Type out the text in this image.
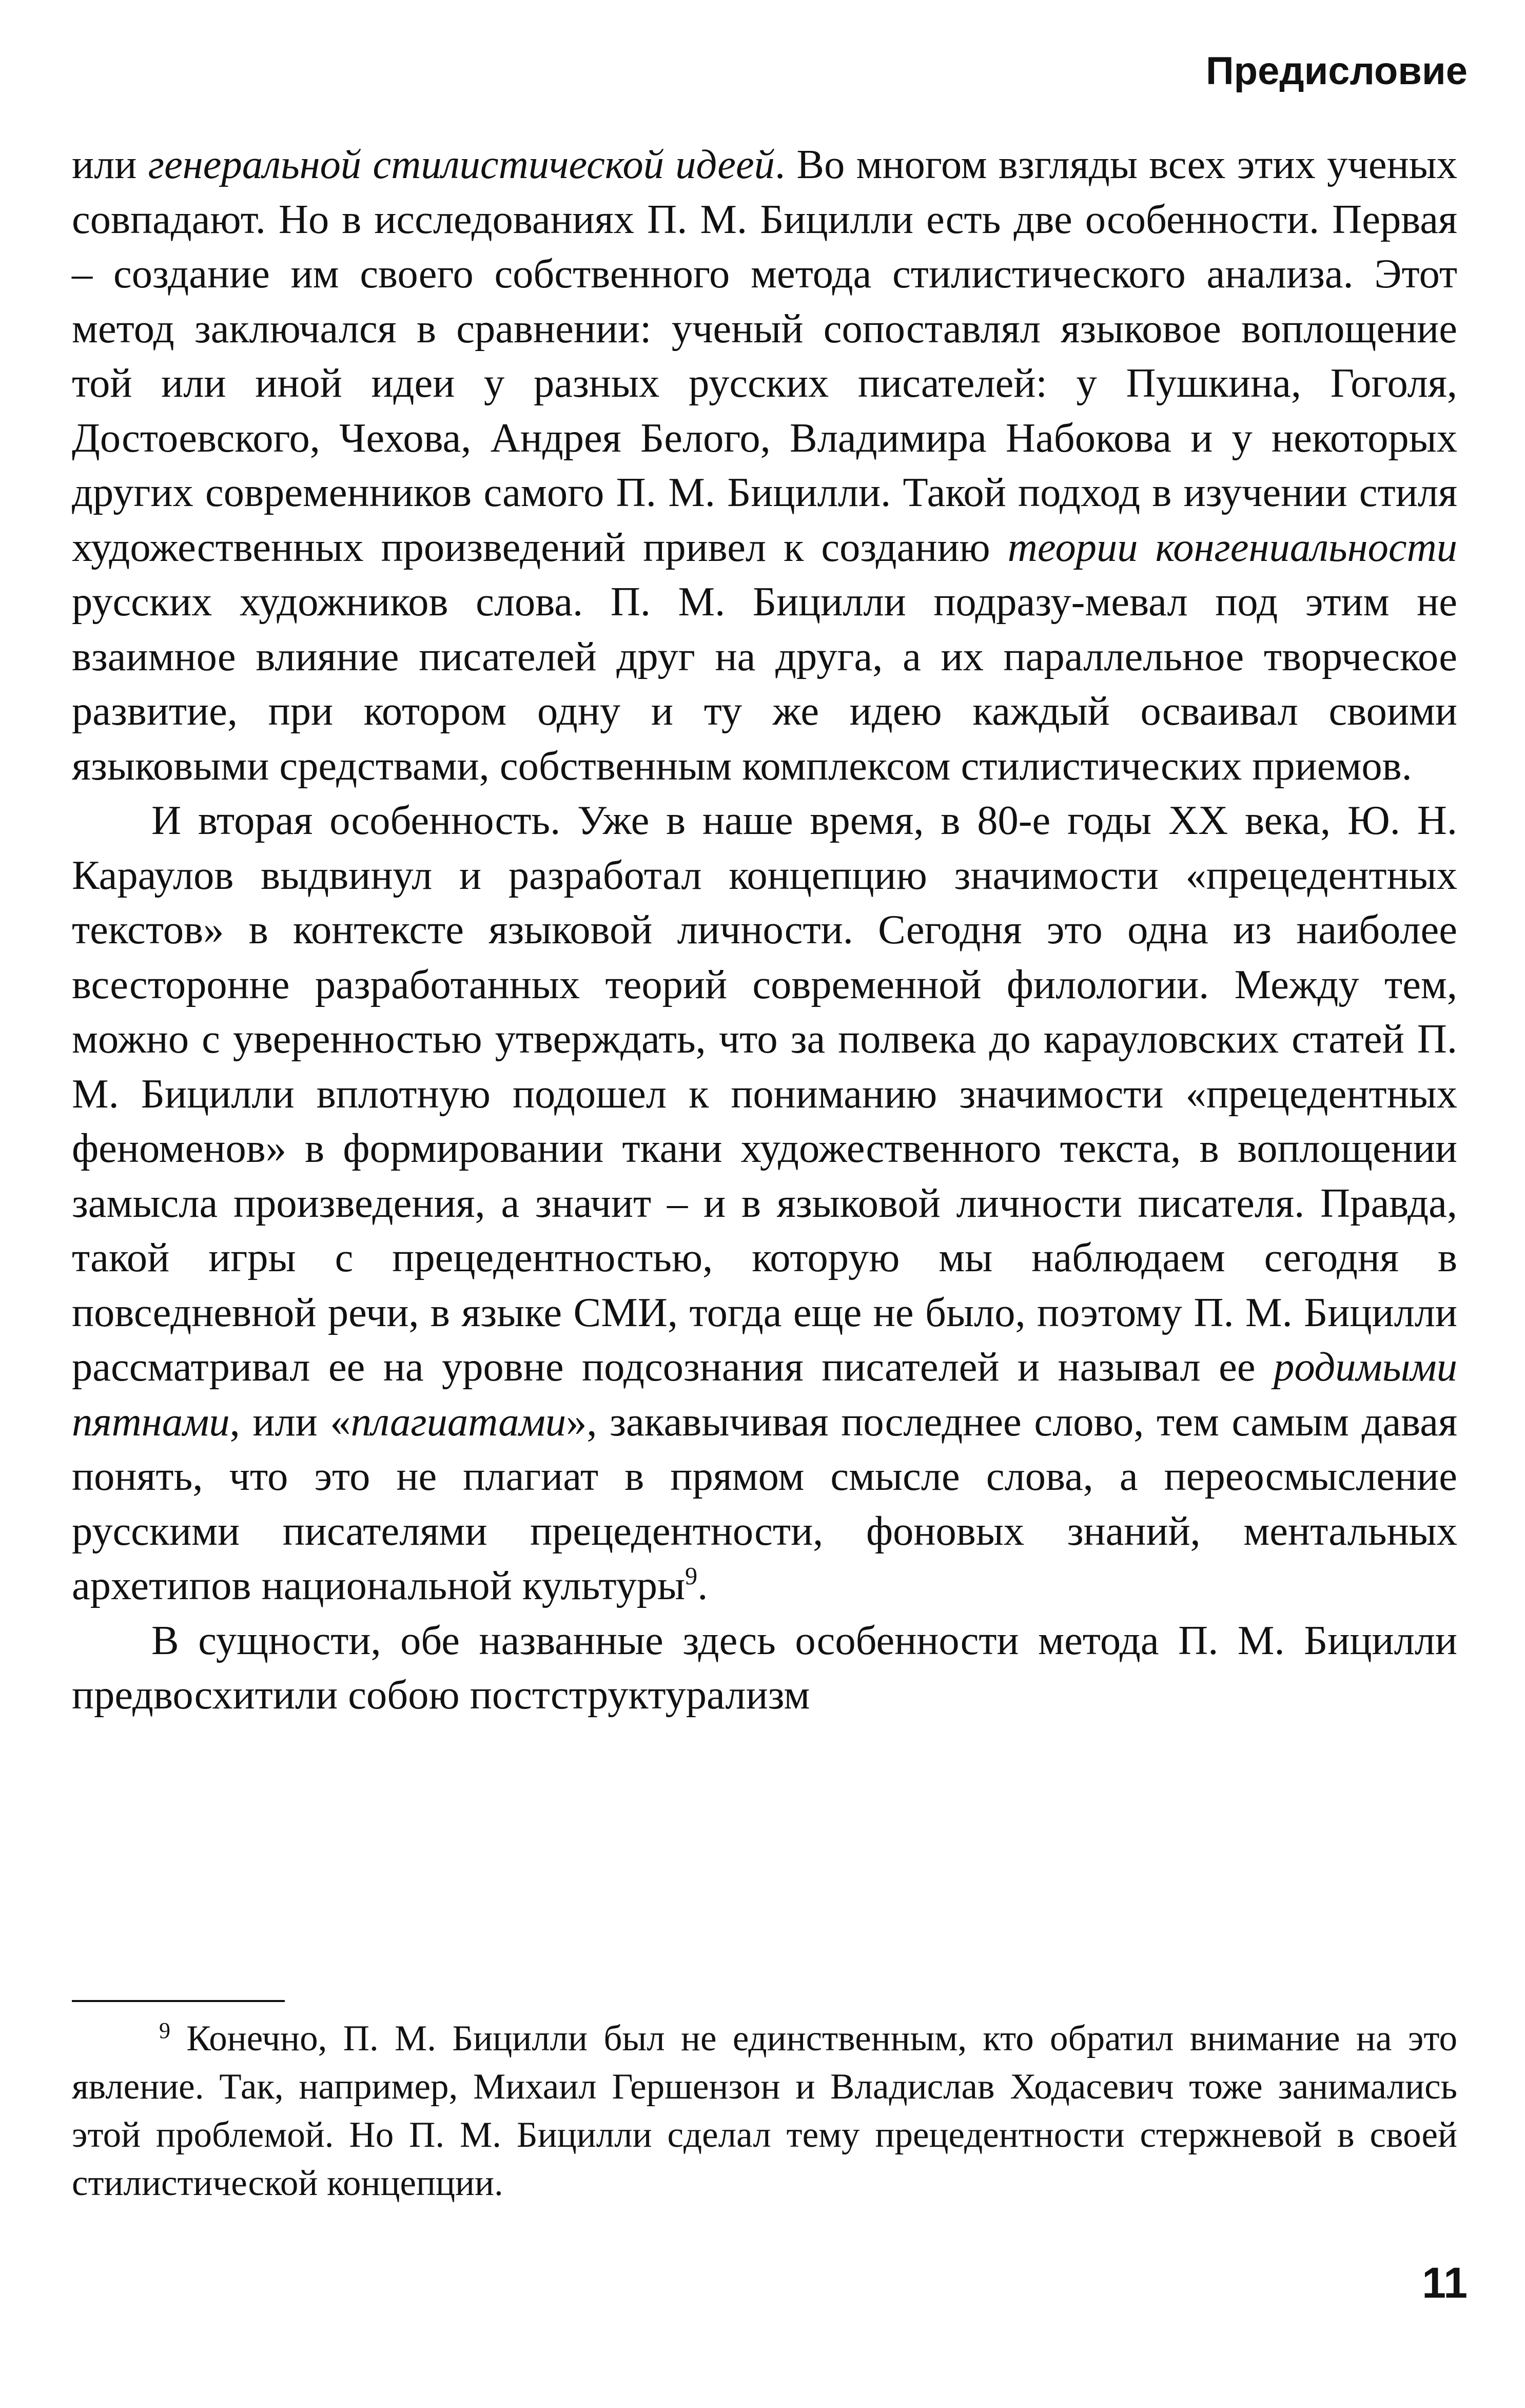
Предисловие

или генеральной стилистической идеей. Во многом взгляды всех этих ученых совпадают. Но в исследованиях П. М. Бицилли есть две особенности. Первая – создание им своего собственного метода стилистического анализа. Этот метод заключался в сравнении: ученый сопоставлял языковое воплощение той или иной идеи у разных русских писателей: у Пушкина, Гоголя, Достоевского, Чехова, Андрея Белого, Владимира Набокова и у некоторых других современников самого П. М. Бицилли. Такой подход в изучении стиля художественных произведений привел к созданию теории конгениальности русских художников слова. П. М. Бицилли подразу-мевал под этим не взаимное влияние писателей друг на друга, а их параллельное творческое развитие, при котором одну и ту же идею каждый осваивал своими языковыми средствами, собственным комплексом стилистических приемов.

И вторая особенность. Уже в наше время, в 80-е годы XX века, Ю. Н. Караулов выдвинул и разработал концепцию значимости «прецедентных текстов» в контексте языковой личности. Сегодня это одна из наиболее всесторонне разработанных теорий современной филологии. Между тем, можно с уверенностью утверждать, что за полвека до карауловских статей П. М. Бицилли вплотную подошел к пониманию значимости «прецедентных феноменов» в формировании ткани художественного текста, в воплощении замысла произведения, а значит – и в языковой личности писателя. Правда, такой игры с прецедентностью, которую мы наблюдаем сегодня в повседневной речи, в языке СМИ, тогда еще не было, поэтому П. М. Бицилли рассматривал ее на уровне подсознания писателей и называл ее родимыми пятнами, или «плагиатами», закавычивая последнее слово, тем самым давая понять, что это не плагиат в прямом смысле слова, а переосмысление русскими писателями прецедентности, фоновых знаний, ментальных архетипов национальной культуры$^9$.

В сущности, обе названные здесь особенности метода П. М. Бицилли предвосхитили собою постструктурализм

$^9$ Конечно, П. М. Бицилли был не единственным, кто обратил внимание на это явление. Так, например, Михаил Гершензон и Владислав Ходасевич тоже занимались этой проблемой. Но П. М. Бицилли сделал тему прецедентности стержневой в своей стилистической концепции.
11
